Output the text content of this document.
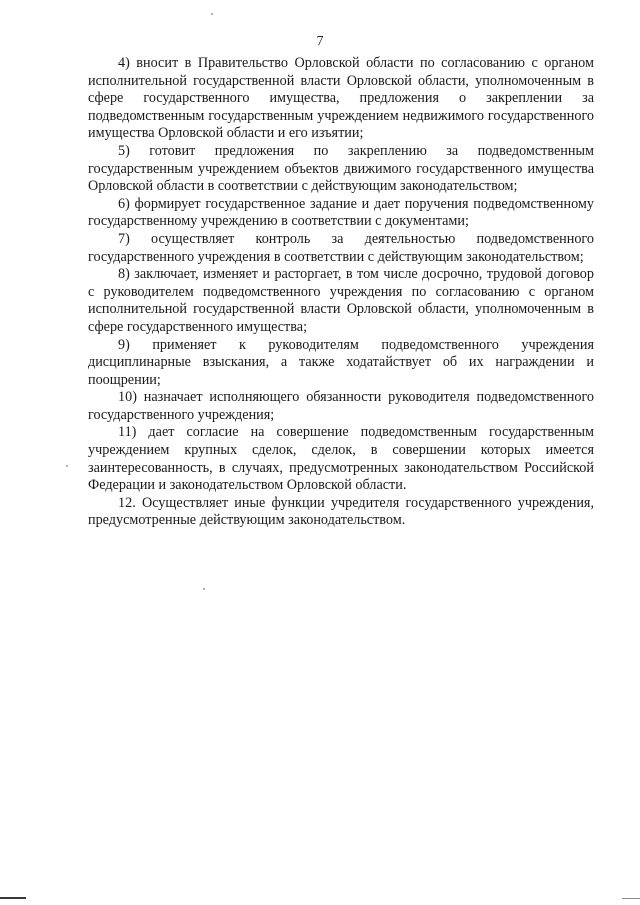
7

4) вносит в Правительство Орловской области по согласованию с органом исполнительной государственной власти Орловской области, уполномоченным в сфере государственного имущества, предложения о закреплении за подведомственным государственным учреждением недвижимого государственного имущества Орловской области и его изъятии;

5) готовит предложения по закреплению за подведомственным государственным учреждением объектов движимого государственного имущества Орловской области в соответствии с действующим законодательством;

6) формирует государственное задание и дает поручения подведомственному государственному учреждению в соответствии с документами;

7) осуществляет контроль за деятельностью подведомственного государственного учреждения в соответствии с действующим законодательством;

8) заключает, изменяет и расторгает, в том числе досрочно, трудовой договор с руководителем подведомственного учреждения по согласованию с органом исполнительной государственной власти Орловской области, уполномоченным в сфере государственного имущества;

9) применяет к руководителям подведомственного учреждения дисциплинарные взыскания, а также ходатайствует об их награждении и поощрении;

10) назначает исполняющего обязанности руководителя подведомственного государственного учреждения;

11) дает согласие на совершение подведомственным государственным учреждением крупных сделок, сделок, в совершении которых имеется заинтересованность, в случаях, предусмотренных законодательством Российской Федерации и законодательством Орловской области.

12. Осуществляет иные функции учредителя государственного учреждения, предусмотренные действующим законодательством.
